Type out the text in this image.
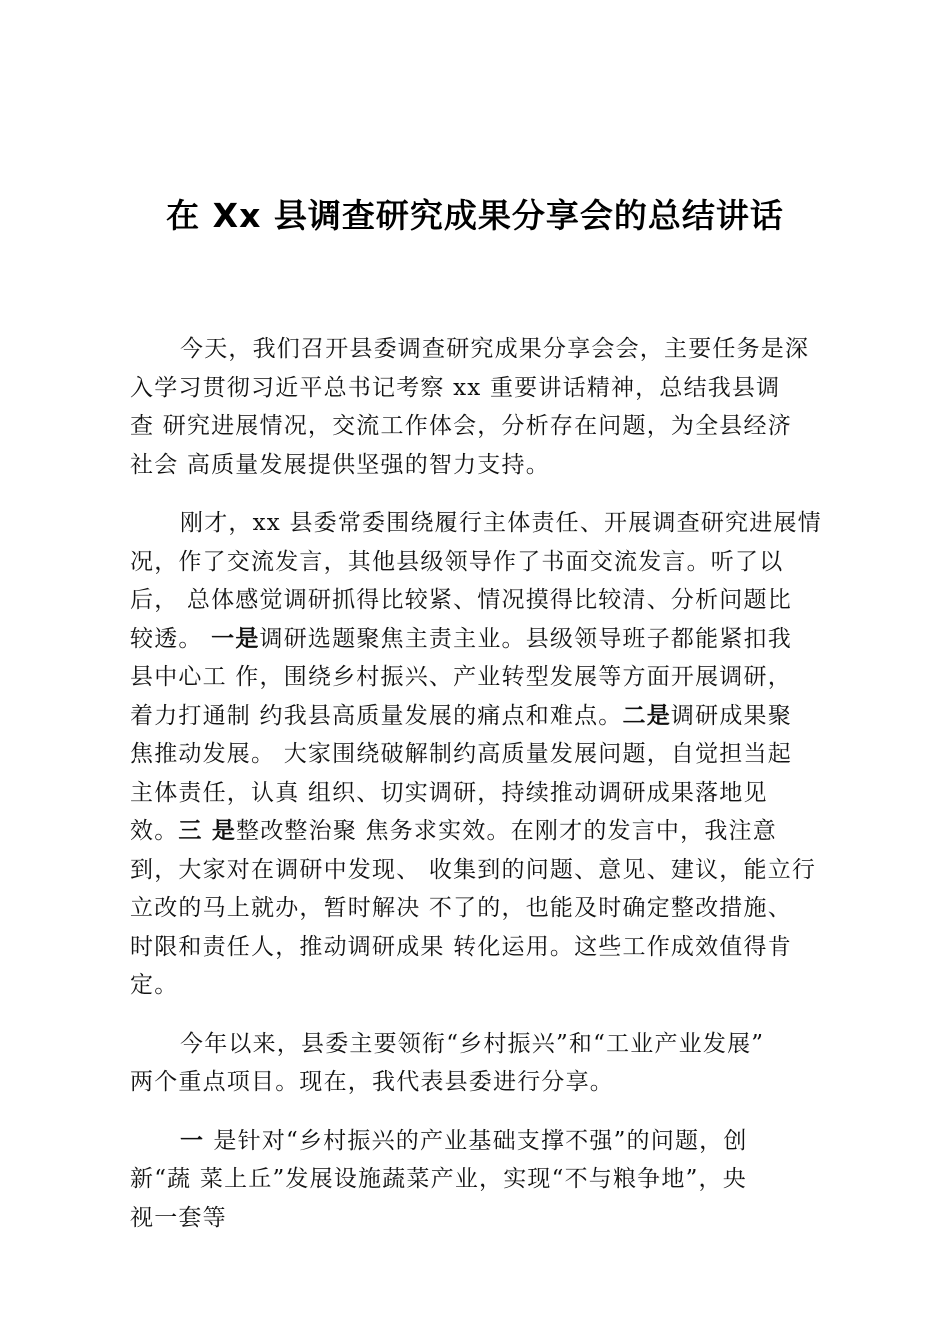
在 Xx 县调查研究成果分享会的总结讲话
今天，我们召开县委调查研究成果分享会会，主要任务是深
入学习贯彻习近平总书记考察 xx 重要讲话精神，总结我县调
查 研究进展情况，交流工作体会，分析存在问题，为全县经济
社会 高质量发展提供坚强的智力支持。
刚才，xx 县委常委围绕履行主体责任、开展调查研究进展情
况，作了交流发言，其他县级领导作了书面交流发言。听了以
后， 总体感觉调研抓得比较紧、情况摸得比较清、分析问题比
较透。 一是调研选题聚焦主责主业。县级领导班子都能紧扣我
县中心工 作，围绕乡村振兴、产业转型发展等方面开展调研，
着力打通制 约我县高质量发展的痛点和难点。二是调研成果聚
焦推动发展。 大家围绕破解制约高质量发展问题，自觉担当起
主体责任，认真 组织、切实调研，持续推动调研成果落地见
效。三 是整改整治聚 焦务求实效。在刚才的发言中，我注意
到，大家对在调研中发现、 收集到的问题、意见、建议，能立行
立改的马上就办，暂时解决 不了的，也能及时确定整改措施、
时限和责任人，推动调研成果 转化运用。这些工作成效值得肯
定。
今年以来，县委主要领衔“乡村振兴”和“工业产业发展”
两个重点项目。现在，我代表县委进行分享。
一 是针对“乡村振兴的产业基础支撑不强”的问题，创
新“蔬 菜上丘”发展设施蔬菜产业，实现“不与粮争地”，央
视一套等
